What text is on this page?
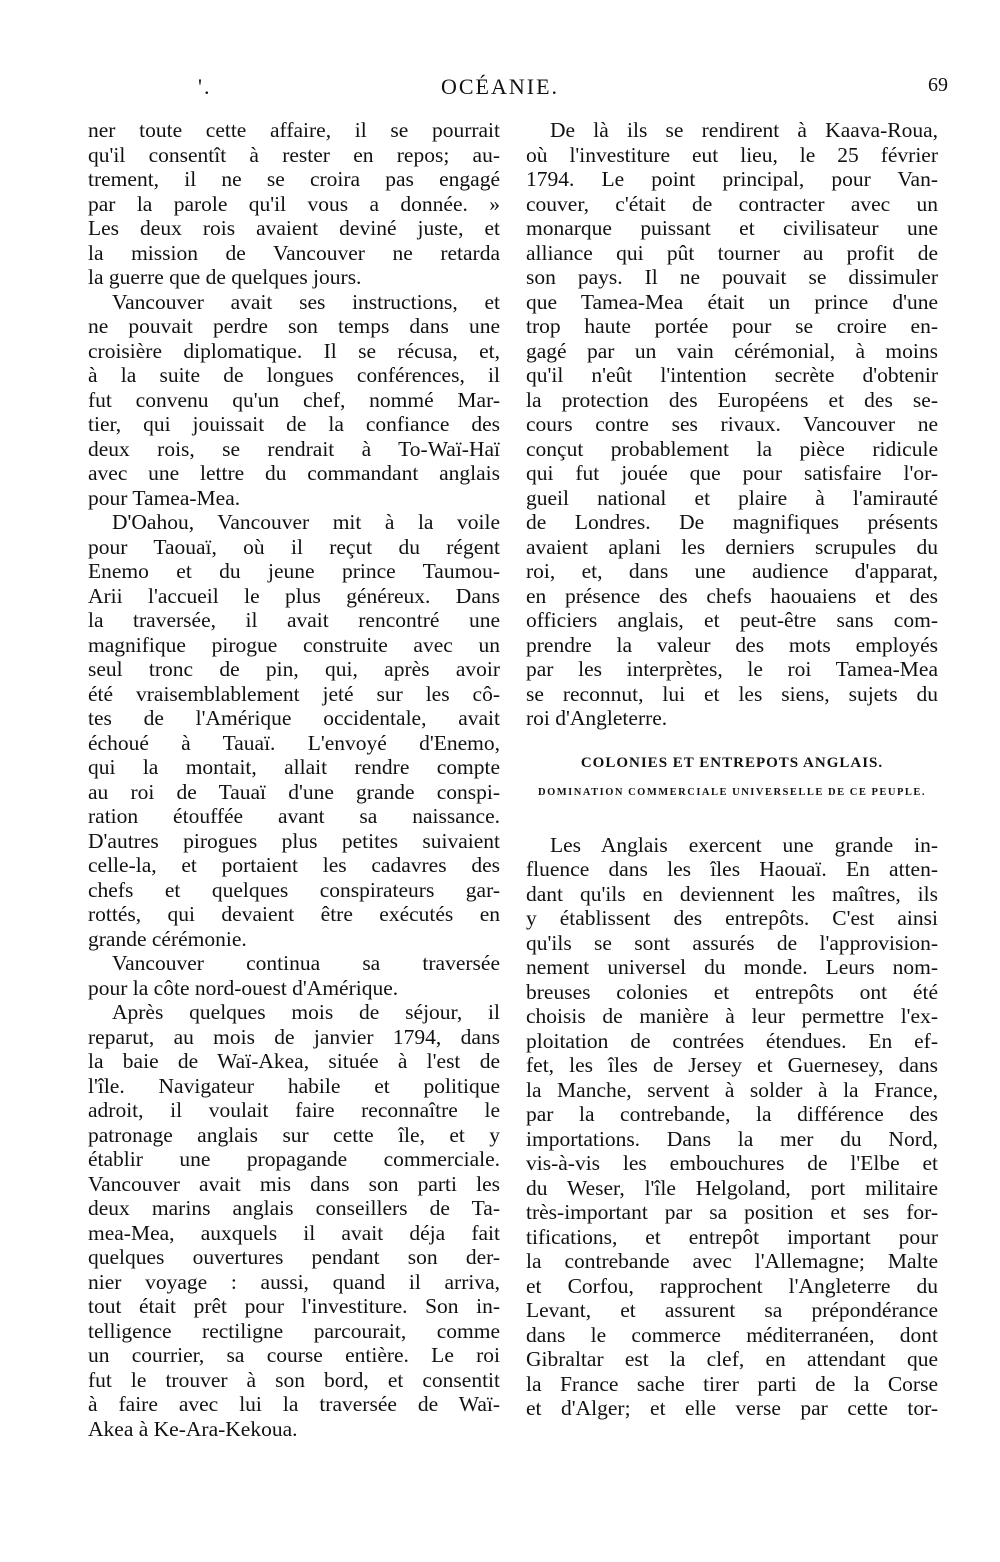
'.	OCÉANIE.	69
ner toute cette affaire, il se pourrait
qu'il consentît à rester en repos; au-
trement, il ne se croira pas engagé
par la parole qu'il vous a donnée. »
Les deux rois avaient deviné juste, et
la mission de Vancouver ne retarda
la guerre que de quelques jours.
Vancouver avait ses instructions, et
ne pouvait perdre son temps dans une
croisière diplomatique. Il se récusa, et,
à la suite de longues conférences, il
fut convenu qu'un chef, nommé Mar-
tier, qui jouissait de la confiance des
deux rois, se rendrait à To-Waï-Haï
avec une lettre du commandant anglais
pour Tamea-Mea.
D'Oahou, Vancouver mit à la voile
pour Taouaï, où il reçut du régent
Enemo et du jeune prince Taumou-
Arii l'accueil le plus généreux. Dans
la traversée, il avait rencontré une
magnifique pirogue construite avec un
seul tronc de pin, qui, après avoir
été vraisemblablement jeté sur les cô-
tes de l'Amérique occidentale, avait
échoué à Tauaï. L'envoyé d'Enemo,
qui la montait, allait rendre compte
au roi de Tauaï d'une grande conspi-
ration étouffée avant sa naissance.
D'autres pirogues plus petites suivaient
celle-la, et portaient les cadavres des
chefs et quelques conspirateurs gar-
rottés, qui devaient être exécutés en
grande cérémonie.
Vancouver continua sa traversée
pour la côte nord-ouest d'Amérique.
Après quelques mois de séjour, il
reparut, au mois de janvier 1794, dans
la baie de Waï-Akea, située à l'est de
l'île. Navigateur habile et politique
adroit, il voulait faire reconnaître le
patronage anglais sur cette île, et y
établir une propagande commerciale.
Vancouver avait mis dans son parti les
deux marins anglais conseillers de Ta-
mea-Mea, auxquels il avait déja fait
quelques ouvertures pendant son der-
nier voyage : aussi, quand il arriva,
tout était prêt pour l'investiture. Son in-
telligence rectiligne parcourait, comme
un courrier, sa course entière. Le roi
fut le trouver à son bord, et consentit
à faire avec lui la traversée de Waï-
Akea à Ke-Ara-Kekoua.
De là ils se rendirent à Kaava-Roua,
où l'investiture eut lieu, le 25 février
1794. Le point principal, pour Van-
couver, c'était de contracter avec un
monarque puissant et civilisateur une
alliance qui pût tourner au profit de
son pays. Il ne pouvait se dissimuler
que Tamea-Mea était un prince d'une
trop haute portée pour se croire en-
gagé par un vain cérémonial, à moins
qu'il n'eût l'intention secrète d'obtenir
la protection des Européens et des se-
cours contre ses rivaux. Vancouver ne
conçut probablement la pièce ridicule
qui fut jouée que pour satisfaire l'or-
gueil national et plaire à l'amirauté
de Londres. De magnifiques présents
avaient aplani les derniers scrupules du
roi, et, dans une audience d'apparat,
en présence des chefs haouaiens et des
officiers anglais, et peut-être sans com-
prendre la valeur des mots employés
par les interprètes, le roi Tamea-Mea
se reconnut, lui et les siens, sujets du
roi d'Angleterre.
COLONIES ET ENTREPOTS ANGLAIS.
DOMINATION COMMERCIALE UNIVERSELLE DE CE PEUPLE.
Les Anglais exercent une grande in-
fluence dans les îles Haouaï. En atten-
dant qu'ils en deviennent les maîtres, ils
y établissent des entrepôts. C'est ainsi
qu'ils se sont assurés de l'approvision-
nement universel du monde. Leurs nom-
breuses colonies et entrepôts ont été
choisis de manière à leur permettre l'ex-
ploitation de contrées étendues. En ef-
fet, les îles de Jersey et Guernesey, dans
la Manche, servent à solder à la France,
par la contrebande, la différence des
importations. Dans la mer du Nord,
vis-à-vis les embouchures de l'Elbe et
du Weser, l'île Helgoland, port militaire
très-important par sa position et ses for-
tifications, et entrepôt important pour
la contrebande avec l'Allemagne; Malte
et Corfou, rapprochent l'Angleterre du
Levant, et assurent sa prépondérance
dans le commerce méditerranéen, dont
Gibraltar est la clef, en attendant que
la France sache tirer parti de la Corse
et d'Alger; et elle verse par cette tor-
